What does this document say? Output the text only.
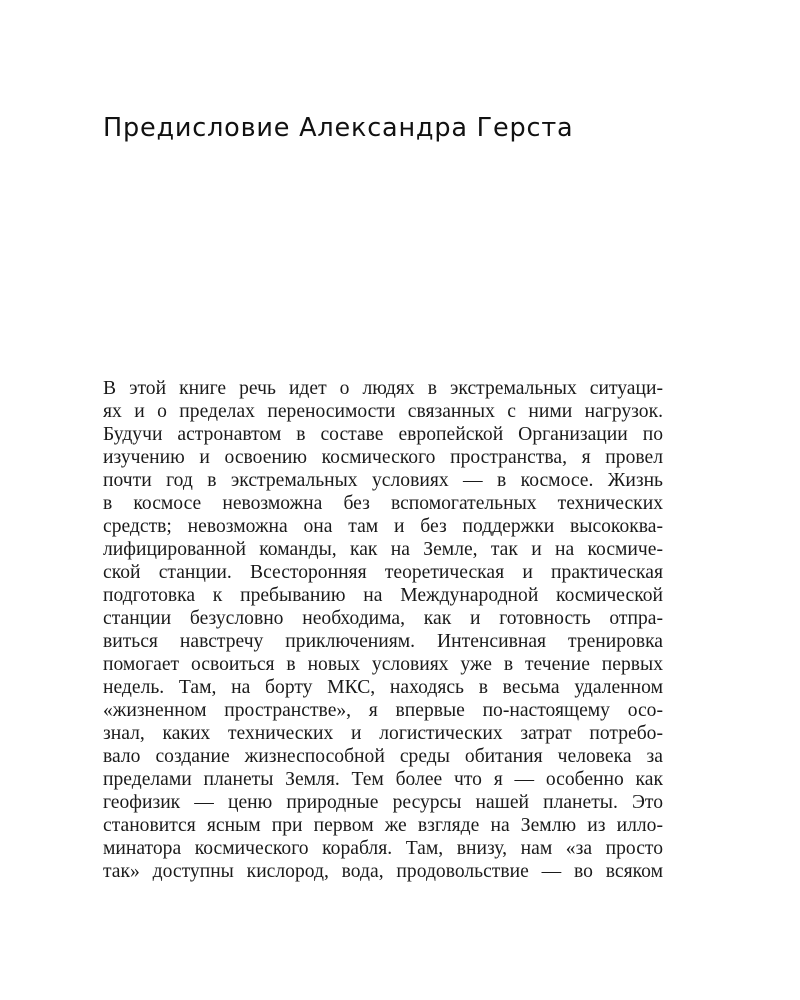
Предисловие Александра Герста
В этой книге речь идет о людях в экстремальных ситуаци-
ях и о пределах переносимости связанных с ними нагрузок.
Будучи астронавтом в составе европейской Организации по
изучению и освоению космического пространства, я провел
почти год в экстремальных условиях — в космосе. Жизнь
в космосе невозможна без вспомогательных технических
средств; невозможна она там и без поддержки высококва-
лифицированной команды, как на Земле, так и на космиче-
ской станции. Всесторонняя теоретическая и практическая
подготовка к пребыванию на Международной космической
станции безусловно необходима, как и готовность отпра-
виться навстречу приключениям. Интенсивная тренировка
помогает освоиться в новых условиях уже в течение первых
недель. Там, на борту МКС, находясь в весьма удаленном
«жизненном пространстве», я впервые по-настоящему осо-
знал, каких технических и логистических затрат потребо-
вало создание жизнеспособной среды обитания человека за
пределами планеты Земля. Тем более что я — особенно как
геофизик — ценю природные ресурсы нашей планеты. Это
становится ясным при первом же взгляде на Землю из илло-
минатора космического корабля. Там, внизу, нам «за просто
так» доступны кислород, вода, продовольствие — во всяком
